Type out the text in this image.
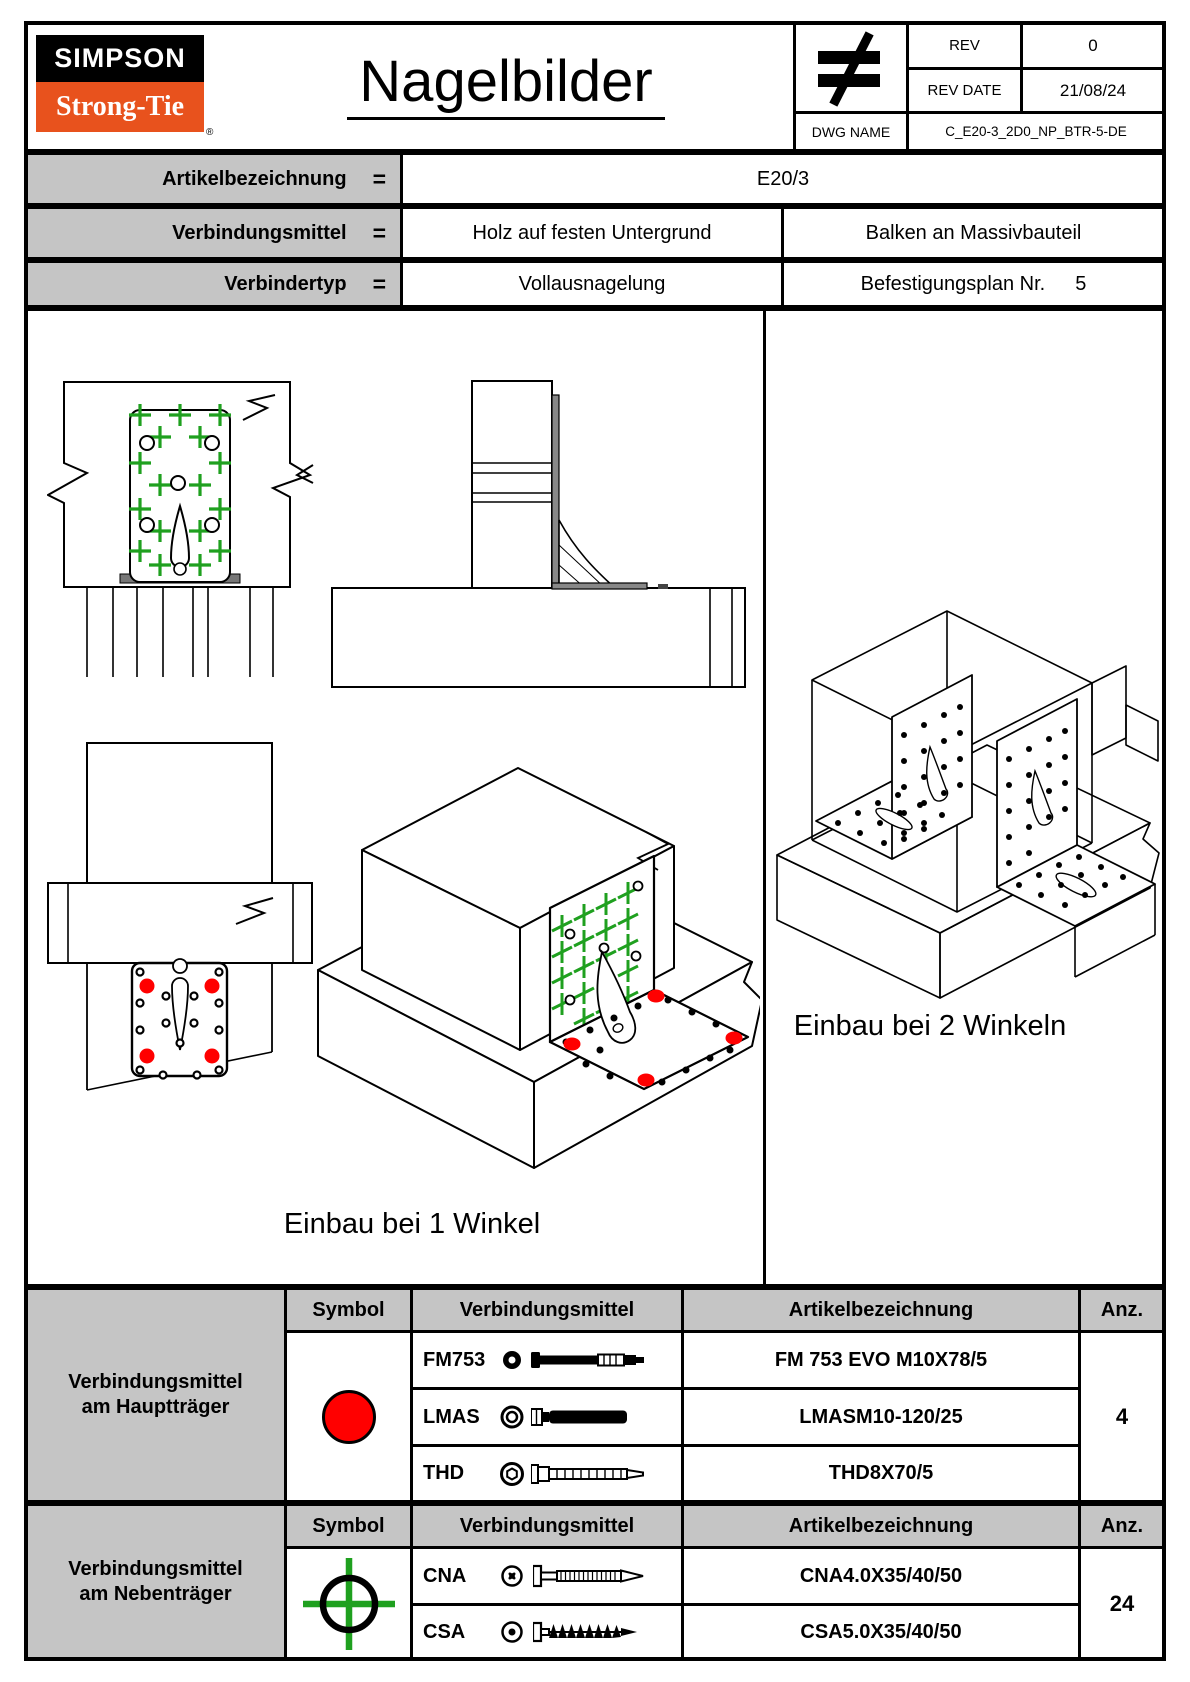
SIMPSON
Strong-Tie
®
Nagelbilder
REV	0
REV DATE	21/08/24
DWG NAME	C_E20-3_2D0_NP_BTR-5-DE
Artikelbezeichnung =	E20/3
Verbindungsmittel =	Holz auf festen Untergrund	Balken an Massivbauteil
Verbindertyp =	Vollausnagelung	Befestigungsplan Nr. 5
Einbau bei 1 Winkel
Einbau bei 2 Winkeln
Verbindungsmittel
am Hauptträger
Symbol	Verbindungsmittel	Artikelbezeichnung	Anz.
FM753	FM 753 EVO M10X78/5
LMAS	LMASM10-120/25
THD	THD8X70/5
4
Verbindungsmittel
am Nebenträger
Symbol	Verbindungsmittel	Artikelbezeichnung	Anz.
CNA	CNA4.0X35/40/50
CSA	CSA5.0X35/40/50
24
